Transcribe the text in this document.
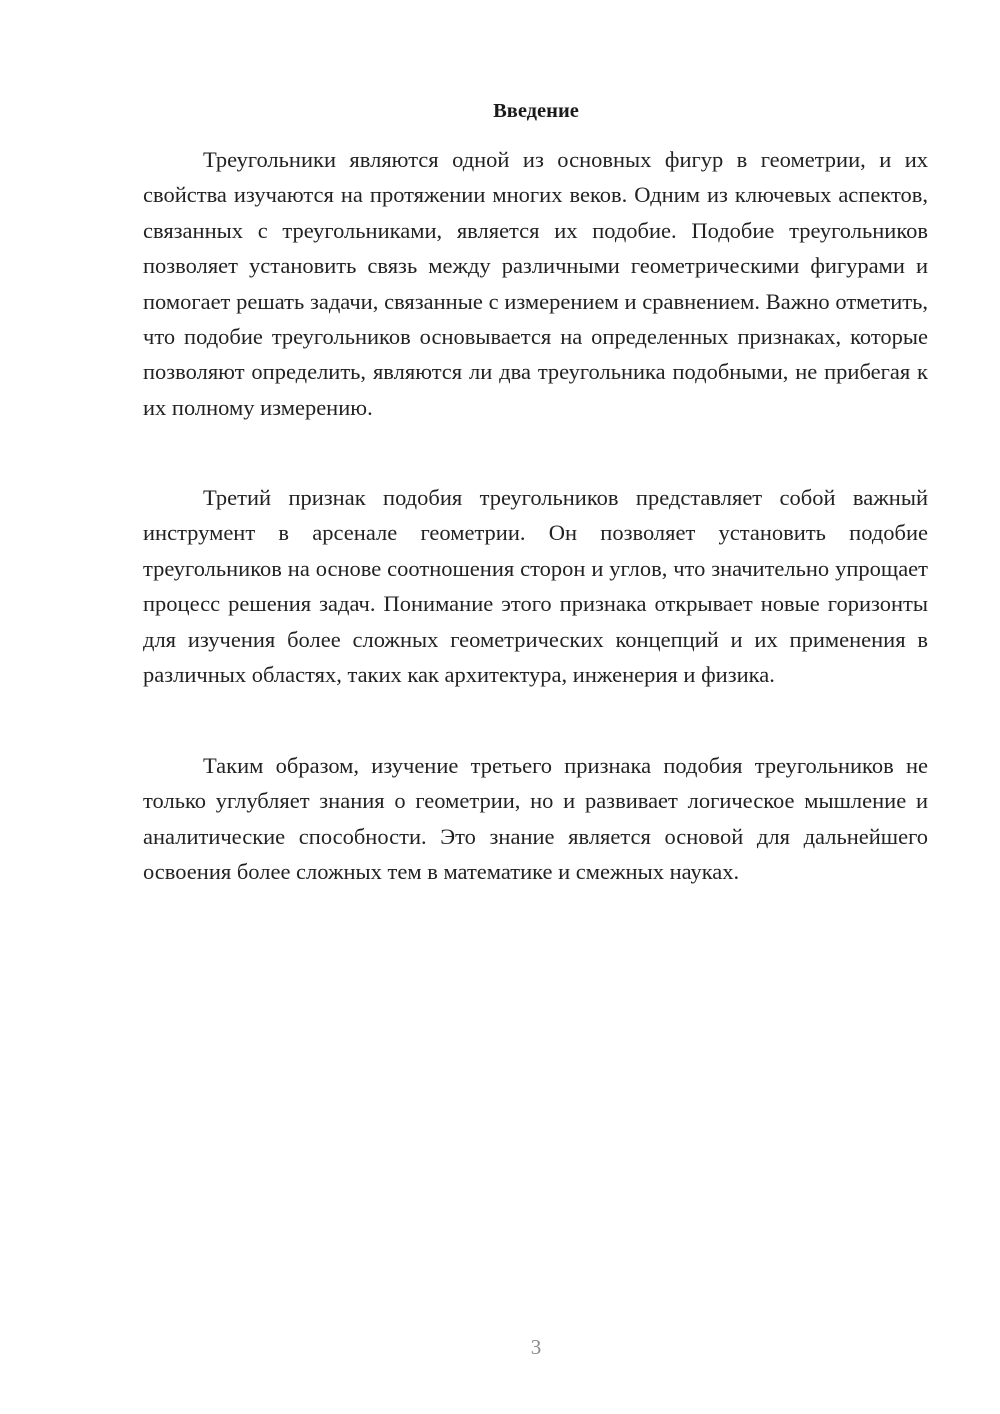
Введение

Треугольники являются одной из основных фигур в геометрии, и их свойства изучаются на протяжении многих веков. Одним из ключевых аспектов, связанных с треугольниками, является их подобие. Подобие треугольников позволяет установить связь между различными геометрическими фигурами и помогает решать задачи, связанные с измерением и сравнением. Важно отметить, что подобие треугольников основывается на определенных признаках, которые позволяют определить, являются ли два треугольника подобными, не прибегая к их полному измерению.

Третий признак подобия треугольников представляет собой важный инструмент в арсенале геометрии. Он позволяет установить подобие треугольников на основе соотношения сторон и углов, что значительно упрощает процесс решения задач. Понимание этого признака открывает новые горизонты для изучения более сложных геометрических концепций и их применения в различных областях, таких как архитектура, инженерия и физика.

Таким образом, изучение третьего признака подобия треугольников не только углубляет знания о геометрии, но и развивает логическое мышление и аналитические способности. Это знание является основой для дальнейшего освоения более сложных тем в математике и смежных науках.

3
